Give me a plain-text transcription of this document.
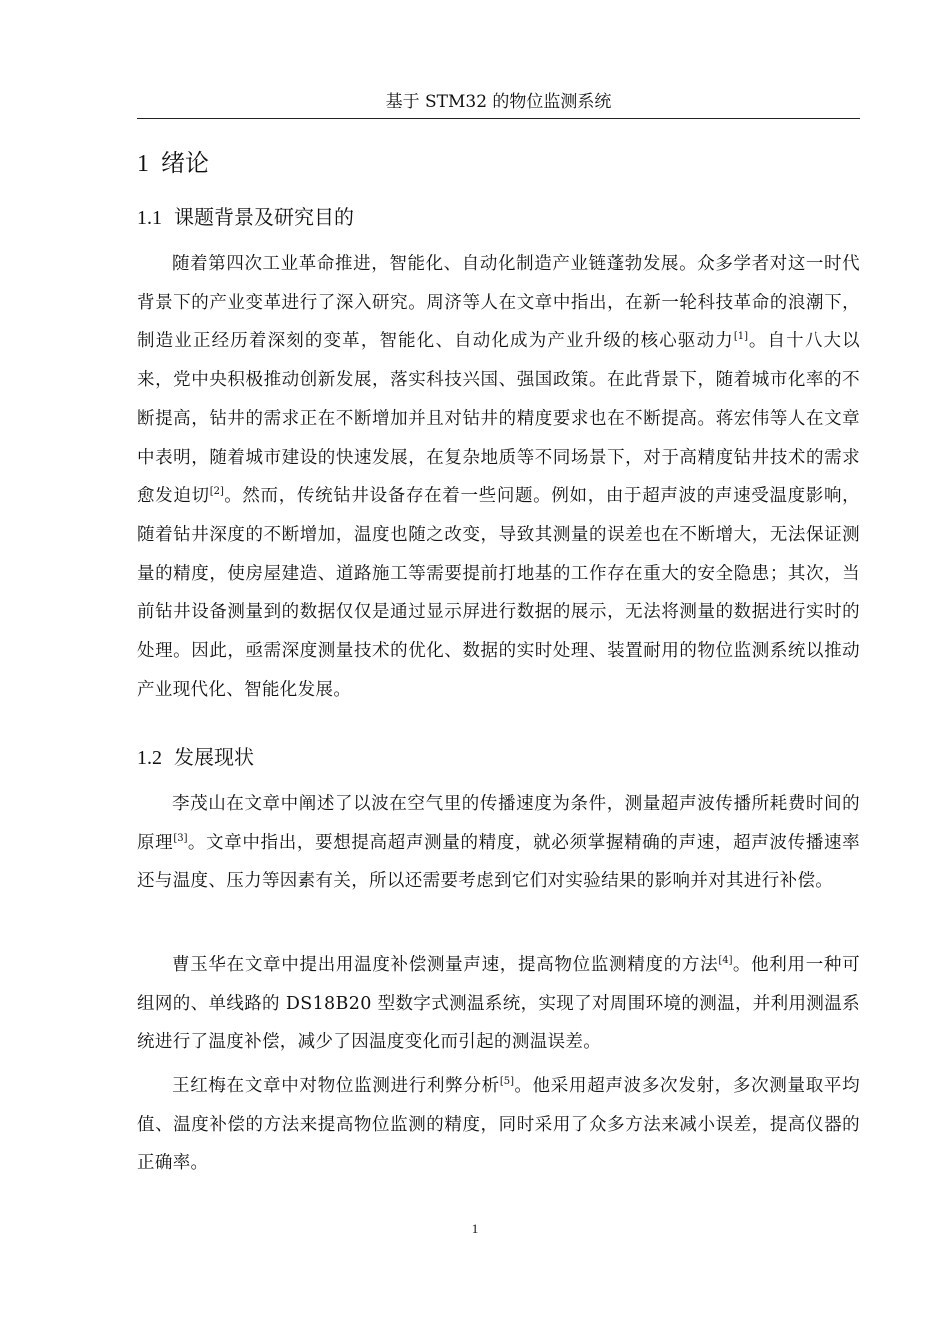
基于 STM32 的物位监测系统
1 绪论
1.1 课题背景及研究目的

随着第四次工业革命推进，智能化、自动化制造产业链蓬勃发展。众多学者对这一时代背景下的产业变革进行了深入研究。周济等人在文章中指出，在新一轮科技革命的浪潮下，制造业正经历着深刻的变革，智能化、自动化成为产业升级的核心驱动力[1]。自十八大以来，党中央积极推动创新发展，落实科技兴国、强国政策。在此背景下，随着城市化率的不断提高，钻井的需求正在不断增加并且对钻井的精度要求也在不断提高。蒋宏伟等人在文章中表明，随着城市建设的快速发展，在复杂地质等不同场景下，对于高精度钻井技术的需求愈发迫切[2]。然而，传统钻井设备存在着一些问题。例如，由于超声波的声速受温度影响，随着钻井深度的不断增加，温度也随之改变，导致其测量的误差也在不断增大，无法保证测量的精度，使房屋建造、道路施工等需要提前打地基的工作存在重大的安全隐患；其次，当前钻井设备测量到的数据仅仅是通过显示屏进行数据的展示，无法将测量的数据进行实时的处理。因此，亟需深度测量技术的优化、数据的实时处理、装置耐用的物位监测系统以推动产业现代化、智能化发展。

1.2 发展现状

李茂山在文章中阐述了以波在空气里的传播速度为条件，测量超声波传播所耗费时间的原理[3]。文章中指出，要想提高超声测量的精度，就必须掌握精确的声速，超声波传播速率还与温度、压力等因素有关，所以还需要考虑到它们对实验结果的影响并对其进行补偿。

曹玉华在文章中提出用温度补偿测量声速，提高物位监测精度的方法[4]。他利用一种可组网的、单线路的 DS18B20 型数字式测温系统，实现了对周围环境的测温，并利用测温系统进行了温度补偿，减少了因温度变化而引起的测温误差。

王红梅在文章中对物位监测进行利弊分析[5]。他采用超声波多次发射，多次测量取平均值、温度补偿的方法来提高物位监测的精度，同时采用了众多方法来减小误差，提高仪器的正确率。

1
